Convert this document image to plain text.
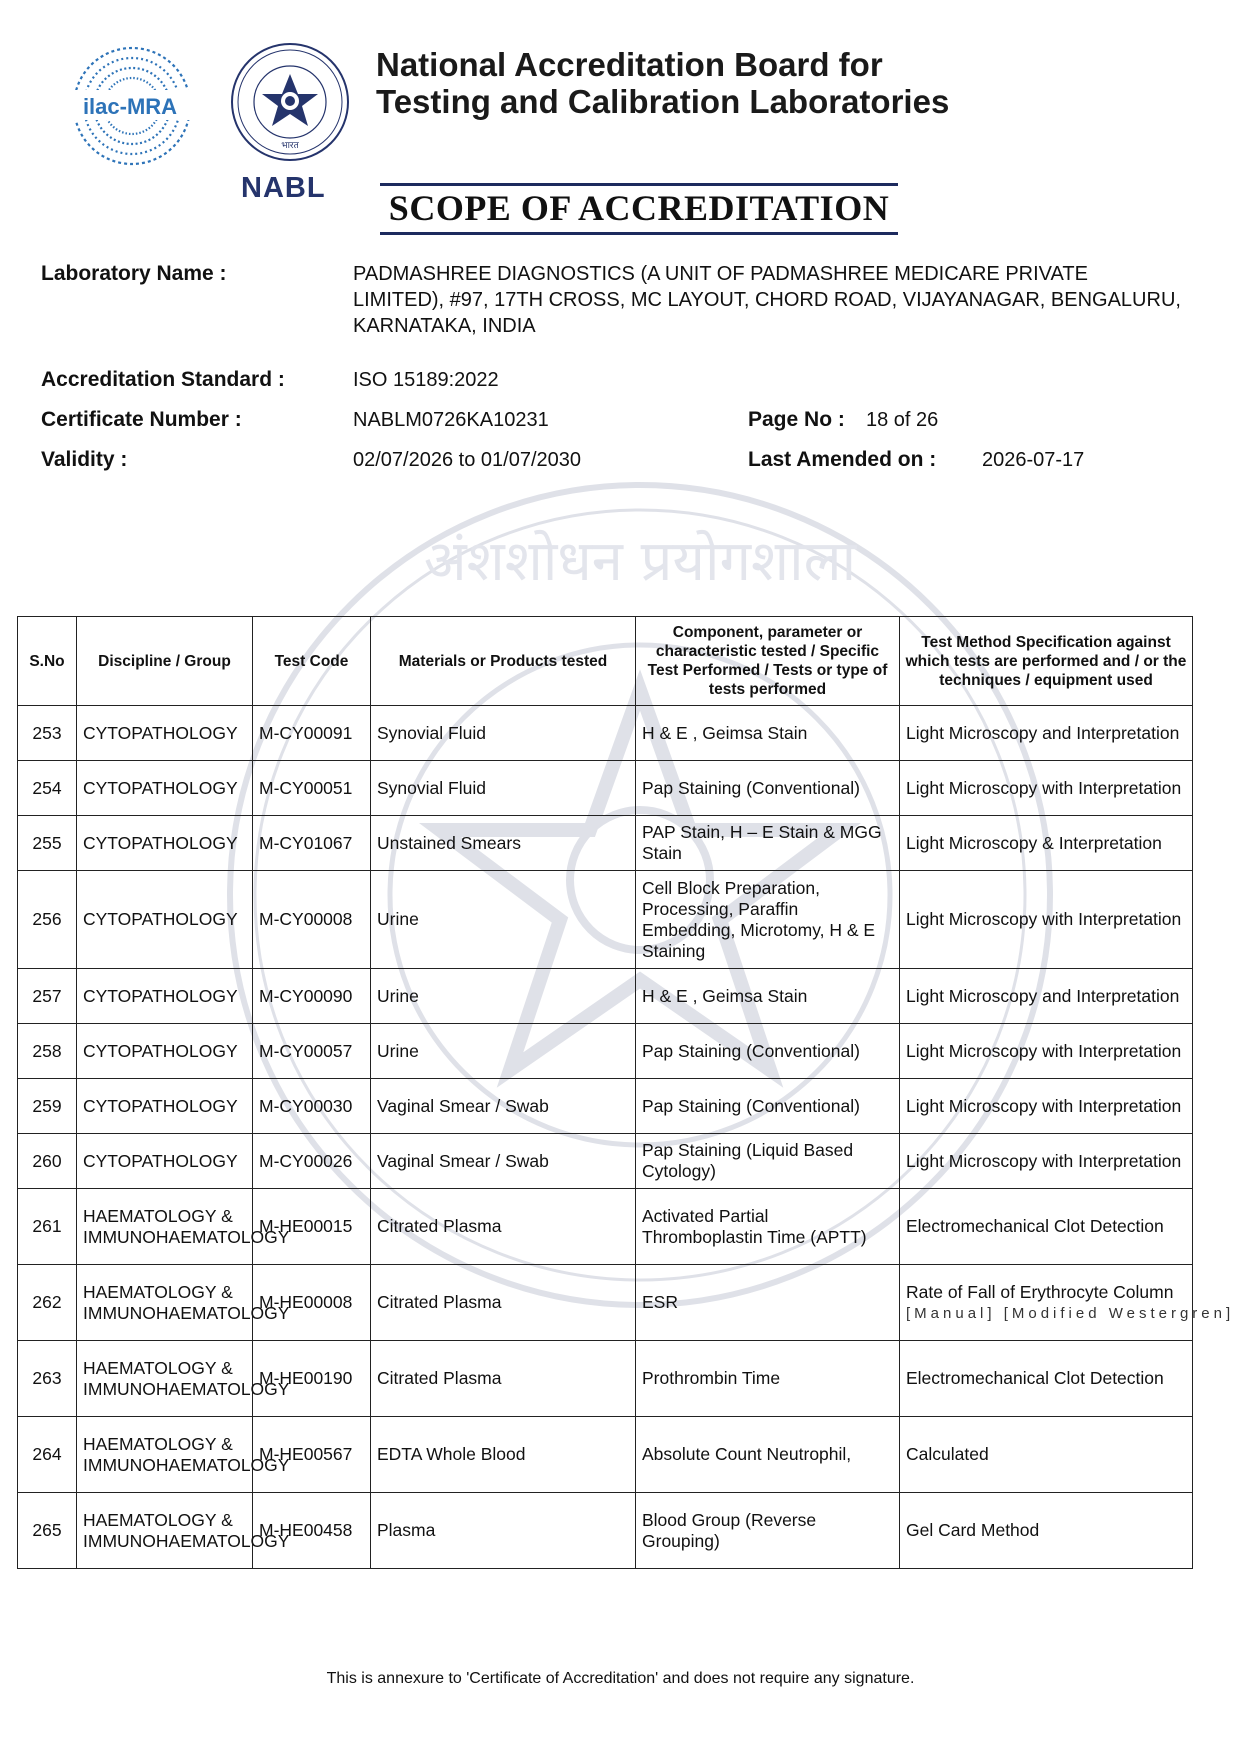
अंशशोधन प्रयोगशाला
ilac-MRA
भारत
NABL
National Accreditation Board for
Testing and Calibration Laboratories
SCOPE OF ACCREDITATION
Laboratory Name :	PADMASHREE DIAGNOSTICS (A UNIT OF PADMASHREE MEDICARE PRIVATE LIMITED), #97, 17TH CROSS, MC LAYOUT, CHORD ROAD, VIJAYANAGAR, BENGALURU, KARNATAKA, INDIA
Accreditation Standard :	ISO 15189:2022
Certificate Number :	NABLM0726KA10231	Page No : 18 of 26
Validity :	02/07/2026 to 01/07/2030	Last Amended on : 2026-07-17
S.No	Discipline / Group	Test Code	Materials or Products tested	Component, parameter or characteristic tested / Specific Test Performed / Tests or type of tests performed	Test Method Specification against which tests are performed and / or the techniques / equipment used
253	CYTOPATHOLOGY	M-CY00091	Synovial Fluid	H & E , Geimsa Stain	Light Microscopy and Interpretation
254	CYTOPATHOLOGY	M-CY00051	Synovial Fluid	Pap Staining (Conventional)	Light Microscopy with Interpretation
255	CYTOPATHOLOGY	M-CY01067	Unstained Smears	PAP Stain, H – E Stain & MGG Stain	Light Microscopy & Interpretation
256	CYTOPATHOLOGY	M-CY00008	Urine	Cell Block Preparation, Processing, Paraffin Embedding, Microtomy, H & E Staining	Light Microscopy with Interpretation
257	CYTOPATHOLOGY	M-CY00090	Urine	H & E , Geimsa Stain	Light Microscopy and Interpretation
258	CYTOPATHOLOGY	M-CY00057	Urine	Pap Staining (Conventional)	Light Microscopy with Interpretation
259	CYTOPATHOLOGY	M-CY00030	Vaginal Smear / Swab	Pap Staining (Conventional)	Light Microscopy with Interpretation
260	CYTOPATHOLOGY	M-CY00026	Vaginal Smear / Swab	Pap Staining (Liquid Based Cytology)	Light Microscopy with Interpretation
261	HAEMATOLOGY & IMMUNOHAEMATOLOGY	M-HE00015	Citrated Plasma	Activated Partial Thromboplastin Time (APTT)	Electromechanical Clot Detection
262	HAEMATOLOGY & IMMUNOHAEMATOLOGY	M-HE00008	Citrated Plasma	ESR	Rate of Fall of Erythrocyte Column
[Manual] [Modified Westergren]

263	HAEMATOLOGY & IMMUNOHAEMATOLOGY	M-HE00190	Citrated Plasma	Prothrombin Time	Electromechanical Clot Detection
264	HAEMATOLOGY & IMMUNOHAEMATOLOGY	M-HE00567	EDTA Whole Blood	Absolute Count Neutrophil,	Calculated
265	HAEMATOLOGY & IMMUNOHAEMATOLOGY	M-HE00458	Plasma	Blood Group (Reverse Grouping)	Gel Card Method
This is annexure to 'Certificate of Accreditation' and does not require any signature.
